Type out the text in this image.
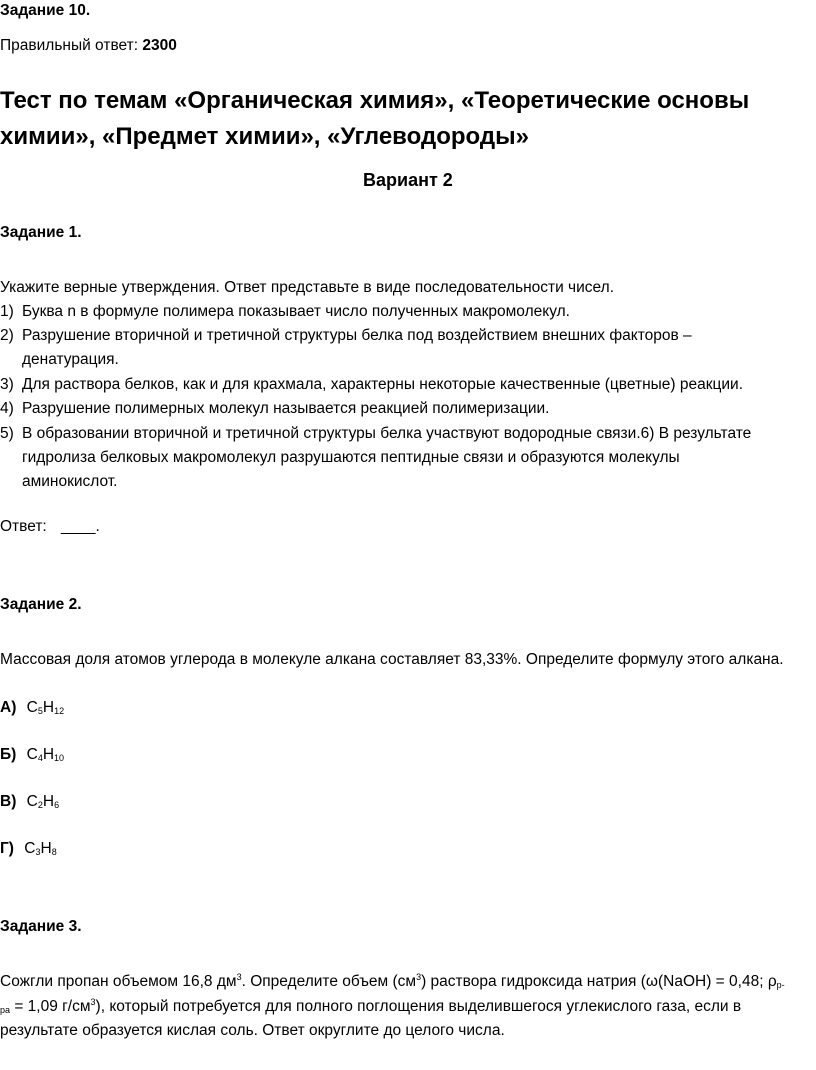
Задание 10.
Правильный ответ: 2300
Тест по темам «Органическая химия», «Теоретические основы
химии», «Предмет химии», «Углеводороды»
Вариант 2
Задание 1.
Укажите верные утверждения. Ответ представьте в виде последовательности чисел.
1) Буква n в формуле полимера показывает число полученных макромолекул.
2) Разрушение вторичной и третичной структуры белка под воздействием внешних факторов –
денатурация.
3) Для раствора белков, как и для крахмала, характерны некоторые качественные (цветные) реакции.
4) Разрушение полимерных молекул называется реакцией полимеризации.
5) В образовании вторичной и третичной структуры белка участвуют водородные связи.6) В результате
гидролиза белковых макромолекул разрушаются пептидные связи и образуются молекулы
аминокислот.
Ответ: ____.
Задание 2.
Массовая доля атомов углерода в молекуле алкана составляет 83,33%. Определите формулу этого алкана.
А) $C_5H_{12}$
Б) $C_4H_{10}$
В) $C_2H_6$
Г) $C_3H_8$
Задание 3.
Сожгли пропан объемом 16,8 $дм^3$. Определите объем $(см^3)$ раствора гидроксида натрия (ω(NaOH) = 0,48; $\rho_{р-}$
$_{ра}$ = 1,09 $г/см^3$), который потребуется для полного поглощения выделившегося углекислого газа, если в
результате образуется кислая соль. Ответ округлите до целого числа.
